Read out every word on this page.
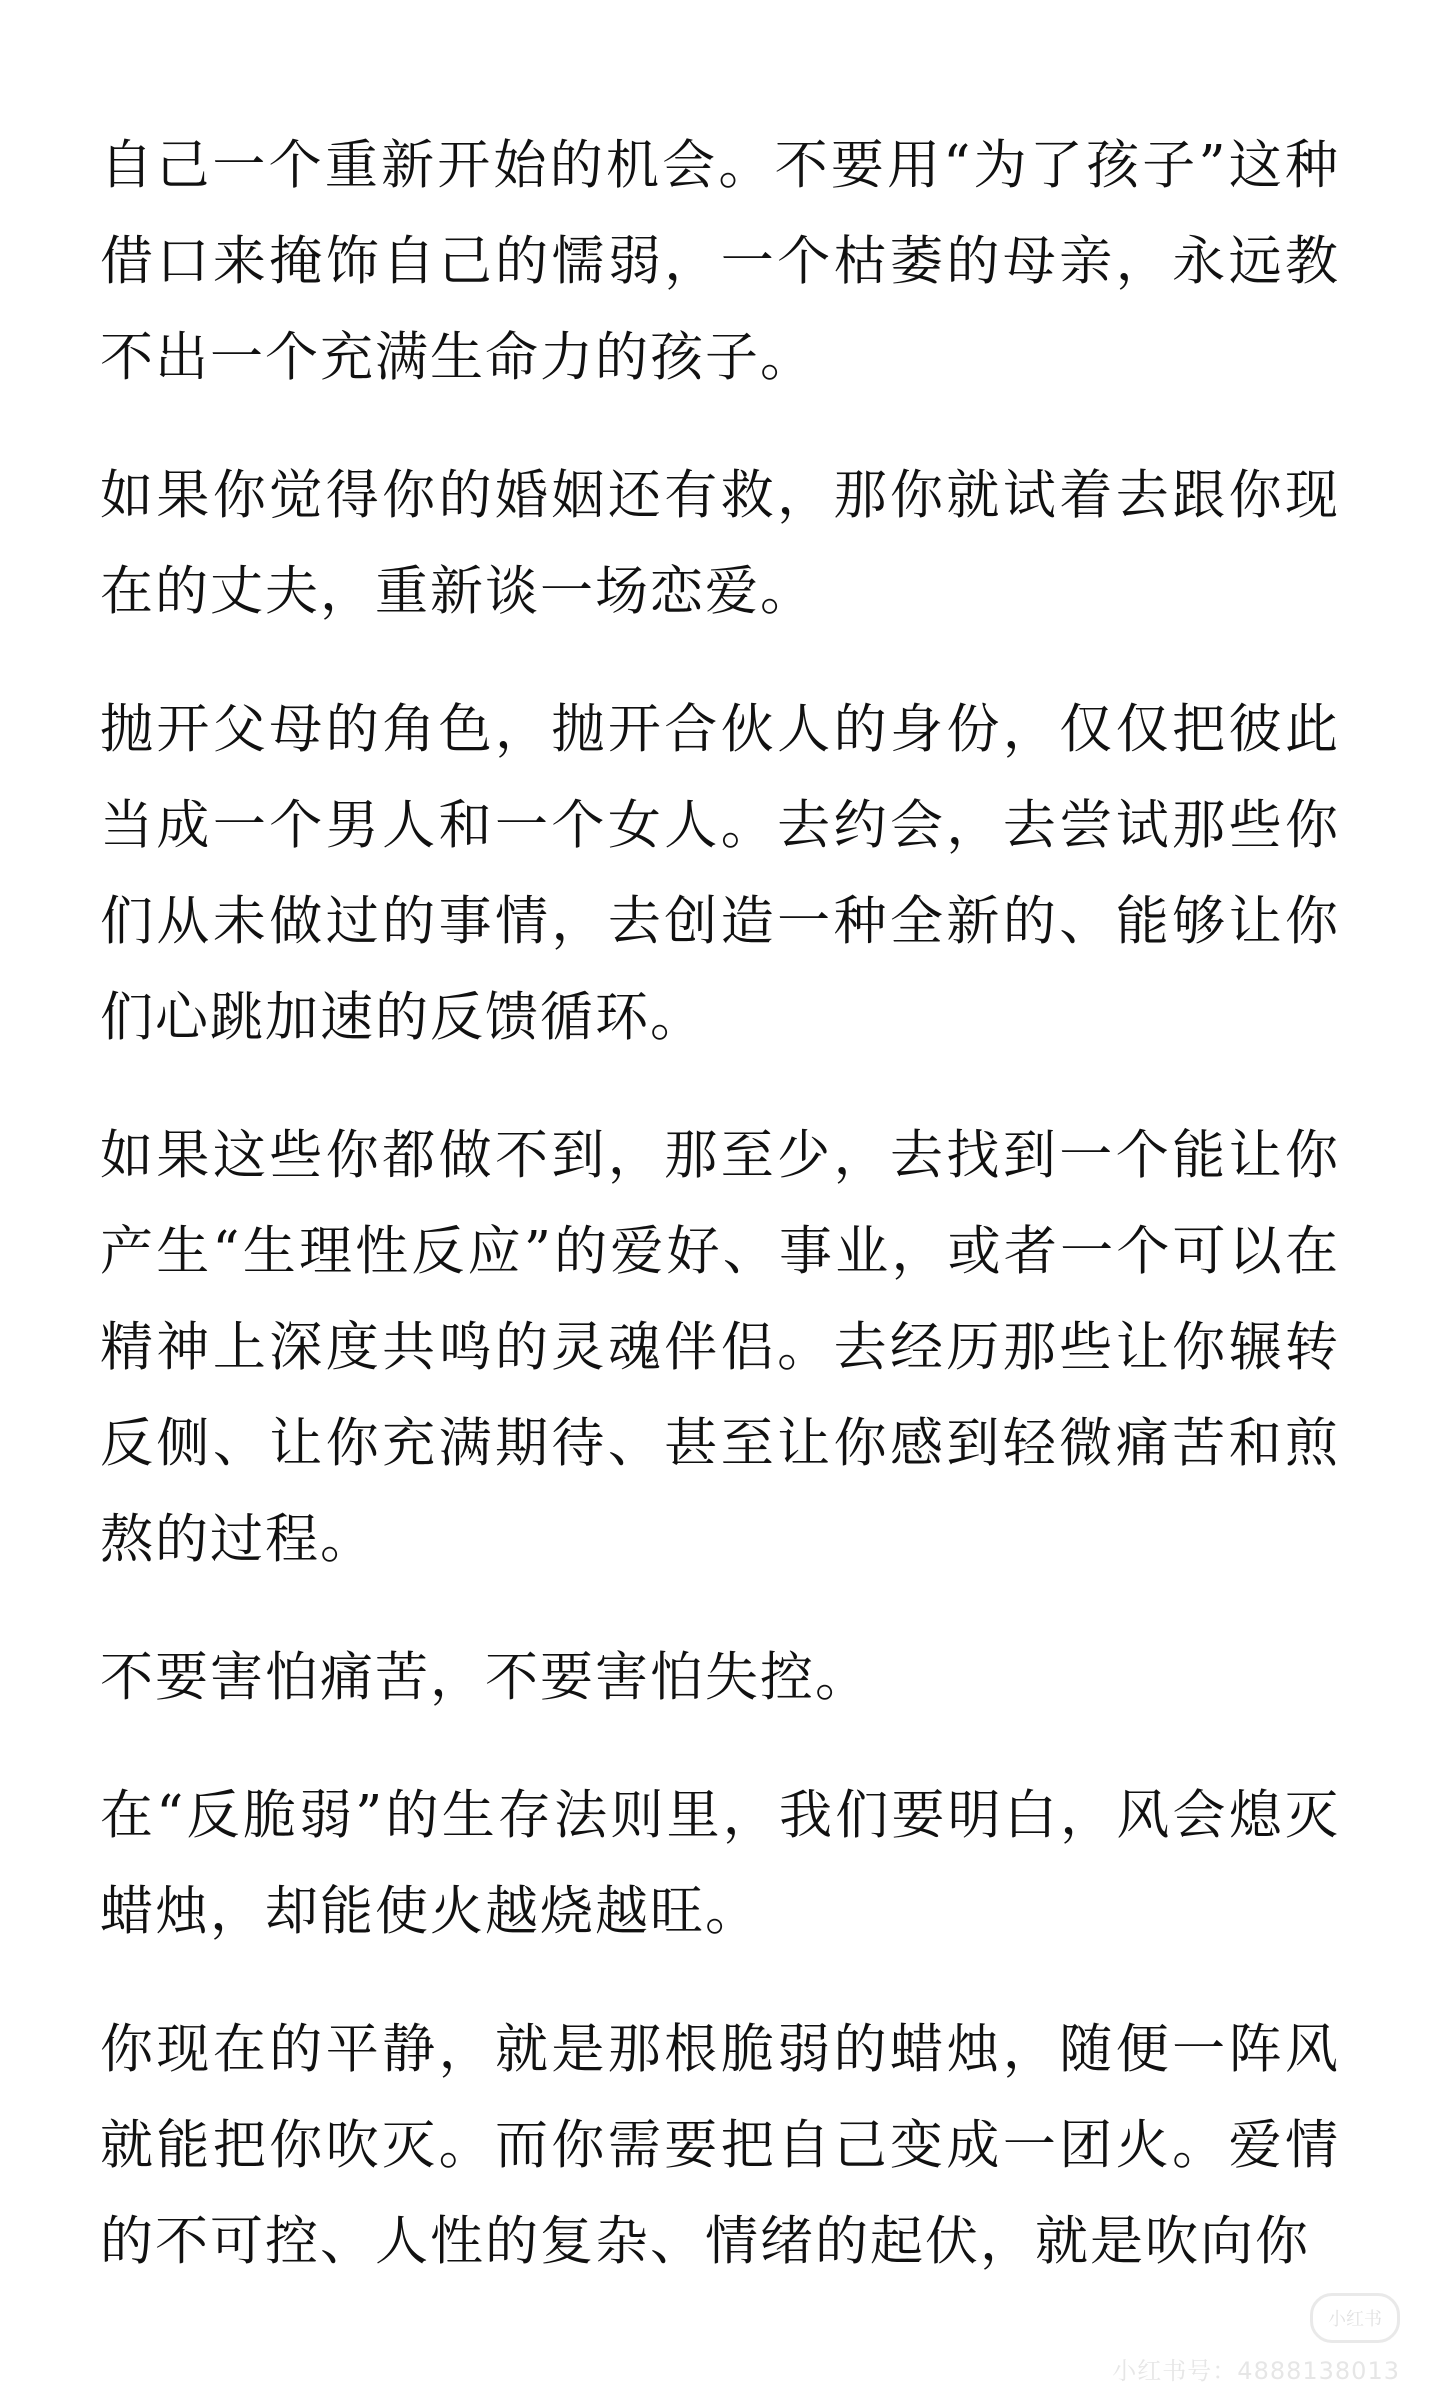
自己一个重新开始的机会。不要用“为了孩子”这种借口来掩饰自己的懦弱，一个枯萎的母亲，永远教不出一个充满生命力的孩子。

如果你觉得你的婚姻还有救，那你就试着去跟你现在的丈夫，重新谈一场恋爱。

抛开父母的角色，抛开合伙人的身份，仅仅把彼此当成一个男人和一个女人。去约会，去尝试那些你们从未做过的事情，去创造一种全新的、能够让你们心跳加速的反馈循环。

如果这些你都做不到，那至少，去找到一个能让你产生“生理性反应”的爱好、事业，或者一个可以在精神上深度共鸣的灵魂伴侣。去经历那些让你辗转反侧、让你充满期待、甚至让你感到轻微痛苦和煎熬的过程。

不要害怕痛苦，不要害怕失控。

在“反脆弱”的生存法则里，我们要明白，风会熄灭蜡烛，却能使火越烧越旺。

你现在的平静，就是那根脆弱的蜡烛，随便一阵风就能把你吹灭。而你需要把自己变成一团火。爱情的不可控、人性的复杂、情绪的起伏，就是吹向你

小红书
小红书号：4888138013
